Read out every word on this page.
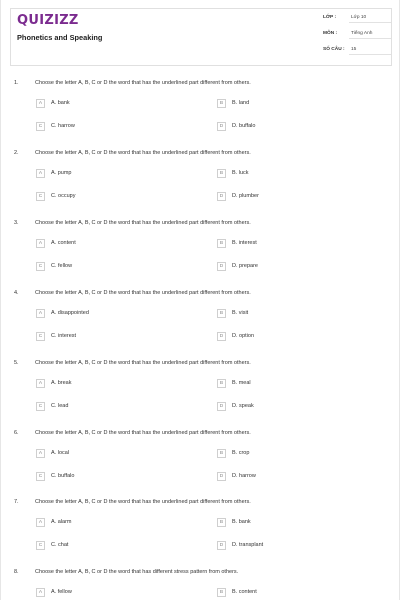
QUIZIZZ
Phonetics and Speaking
LỚP :	Lớp 10
MÔN :	Tiếng Anh
SỐ CÂU : 15
1.	Choose the letter A, B, C or D the word that has the underlined part different from others.
A	A. bank	B	B. land
C	C. harrow	D	D. buffalo
2.	Choose the letter A, B, C or D the word that has the underlined part different from others.
A	A. pump	B	B. luck
C	C. occupy	D	D. plumber
3.	Choose the letter A, B, C or D the word that has the underlined part different from others.
A	A. content	B	B. interest
C	C. fellow	D	D. prepare
4.	Choose the letter A, B, C or D the word that has the underlined part different from others.
A	A. disappointed	B	B. visit
C	C. interest	D	D. option
5.	Choose the letter A, B, C or D the word that has the underlined part different from others.
A	A. break	B	B. meal
C	C. lead	D	D. speak
6.	Choose the letter A, B, C or D the word that has the underlined part different from others.
A	A. local	B	B. crop
C	C. buffalo	D	D. harrow
7.	Choose the letter A, B, C or D the word that has the underlined part different from others.
A	A. alarm	B	B. bank
C	C. chat	D	D. transplant
8.	Choose the letter A, B, C or D the word that has different stress pattern from others.
A	A. fellow	B	B. content
